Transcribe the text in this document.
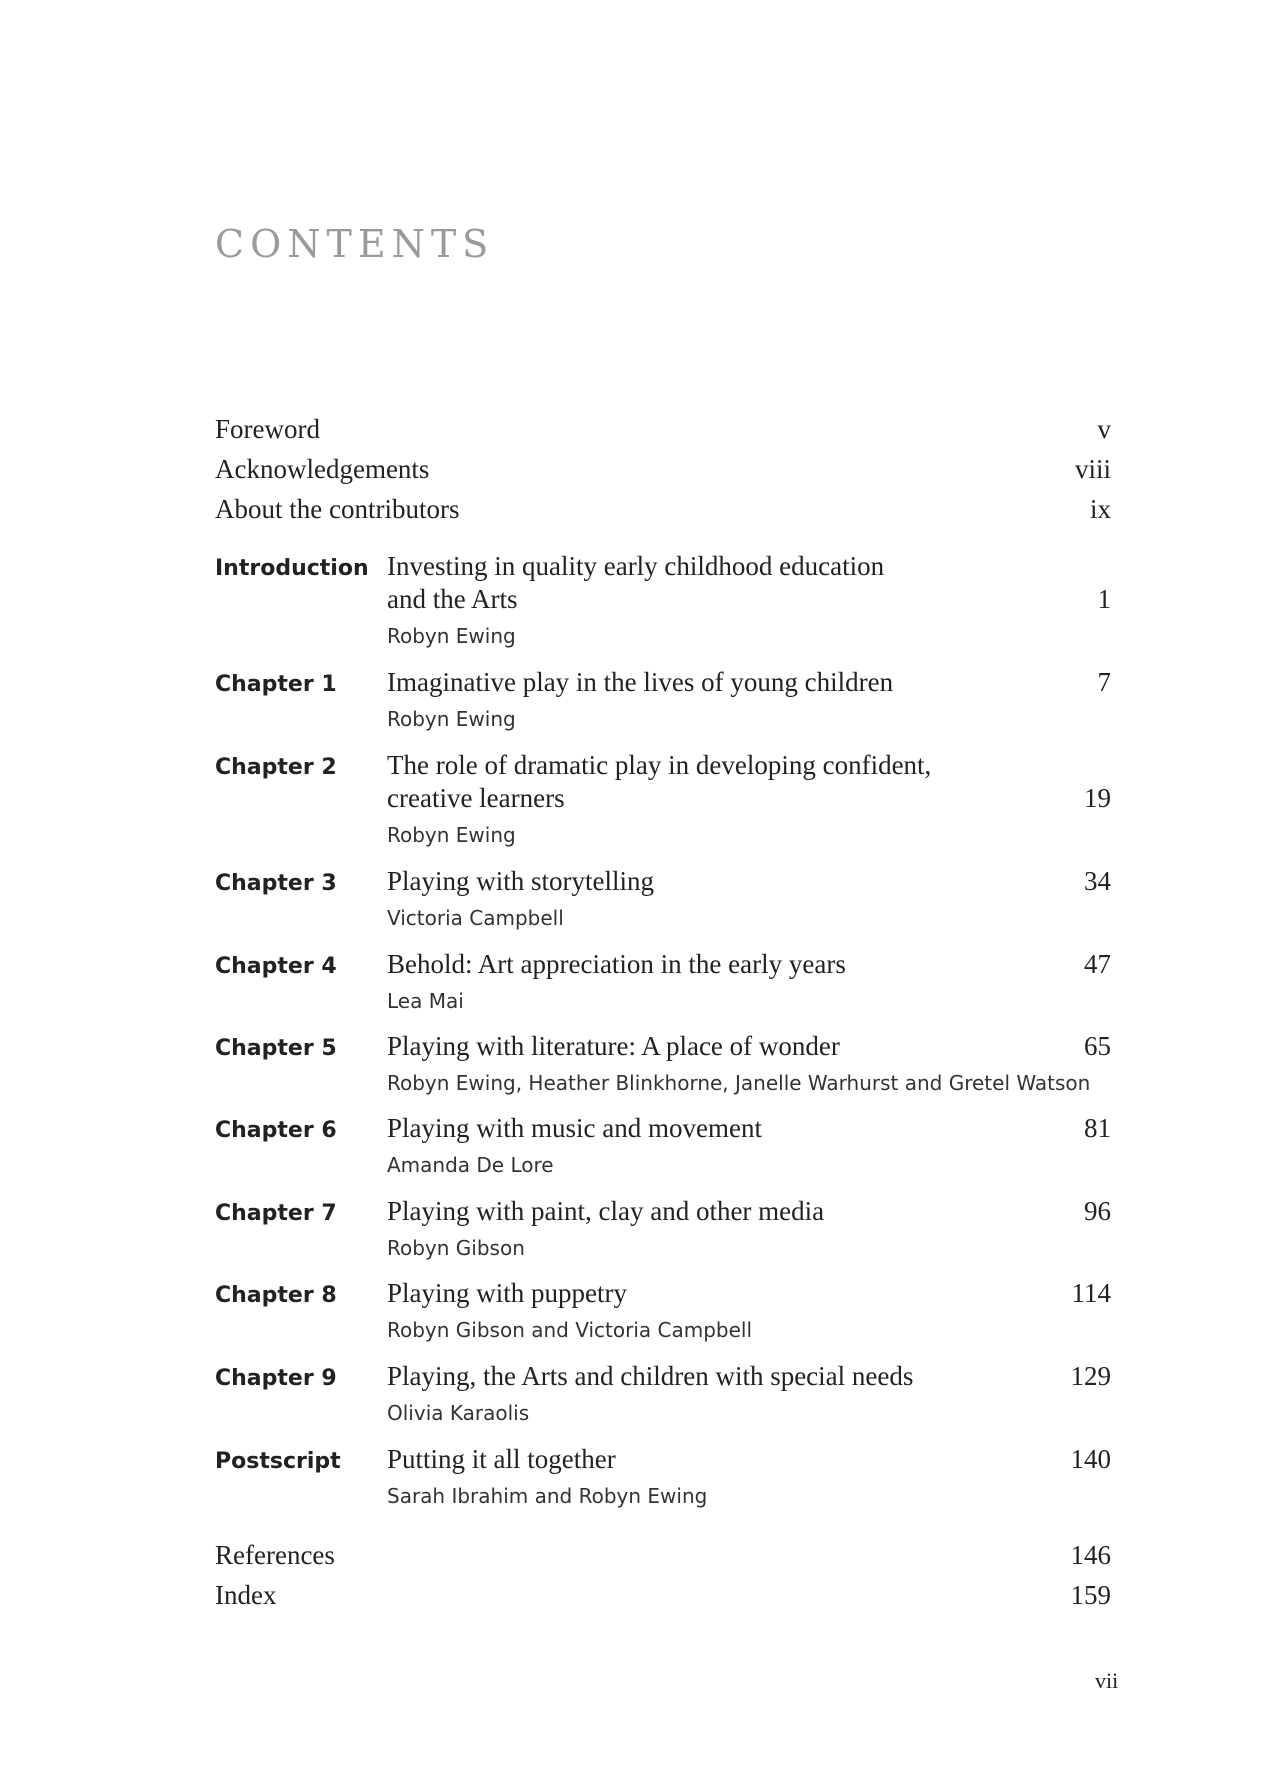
CONTENTS
Foreword	v
Acknowledgements	viii
About the contributors	ix
Introduction Investing in quality early childhood education
and the Arts	1
Robyn Ewing
Chapter 1 Imaginative play in the lives of young children	7
Robyn Ewing
Chapter 2 The role of dramatic play in developing confident,
creative learners	19
Robyn Ewing
Chapter 3 Playing with storytelling	34
Victoria Campbell
Chapter 4 Behold: Art appreciation in the early years	47
Lea Mai
Chapter 5 Playing with literature: A place of wonder	65
Robyn Ewing, Heather Blinkhorne, Janelle Warhurst and Gretel Watson
Chapter 6 Playing with music and movement	81
Amanda De Lore
Chapter 7 Playing with paint, clay and other media	96
Robyn Gibson
Chapter 8 Playing with puppetry	114
Robyn Gibson and Victoria Campbell
Chapter 9 Playing, the Arts and children with special needs	129
Olivia Karaolis
Postscript Putting it all together	140
Sarah Ibrahim and Robyn Ewing
References	146
Index	159
vii
